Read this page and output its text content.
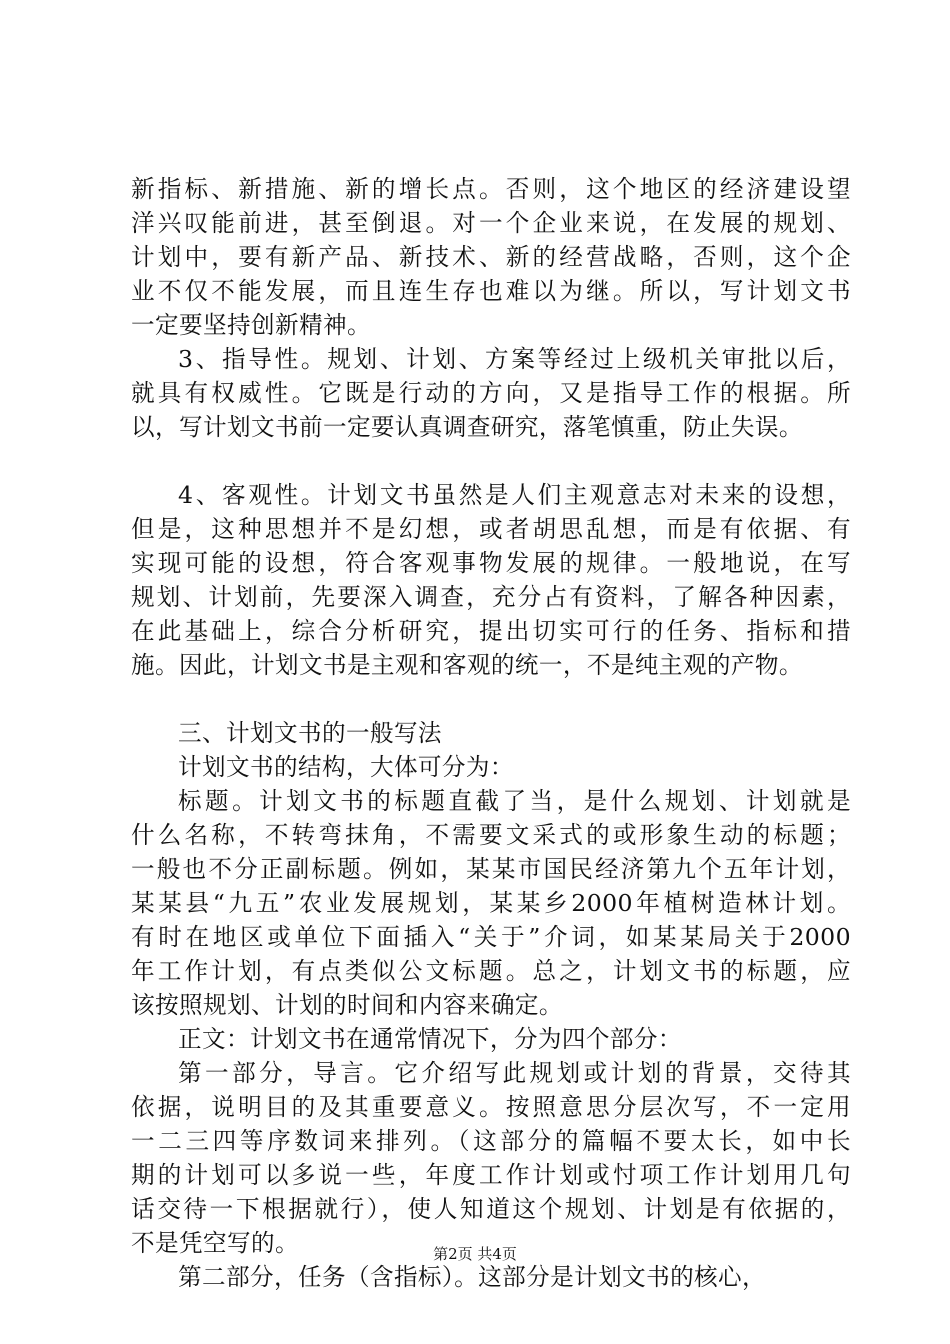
新指标、新措施、新的增长点。否则，这个地区的经济建设望
洋兴叹能前进，甚至倒退。对一个企业来说，在发展的规划、
计划中，要有新产品、新技术、新的经营战略，否则，这个企
业不仅不能发展，而且连生存也难以为继。所以，写计划文书
一定要坚持创新精神。
3、指导性。规划、计划、方案等经过上级机关审批以后，
就具有权威性。它既是行动的方向，又是指导工作的根据。所
以，写计划文书前一定要认真调查研究，落笔慎重，防止失误。
4、客观性。计划文书虽然是人们主观意志对未来的设想，
但是，这种思想并不是幻想，或者胡思乱想，而是有依据、有
实现可能的设想，符合客观事物发展的规律。一般地说，在写
规划、计划前，先要深入调查，充分占有资料，了解各种因素，
在此基础上，综合分析研究，提出切实可行的任务、指标和措
施。因此，计划文书是主观和客观的统一，不是纯主观的产物。
三、计划文书的一般写法
计划文书的结构，大体可分为：
标题。计划文书的标题直截了当，是什么规划、计划就是
什么名称，不转弯抹角，不需要文采式的或形象生动的标题；
一般也不分正副标题。例如，某某市国民经济第九个五年计划，
某某县“九五”农业发展规划，某某乡2000年植树造林计划。
有时在地区或单位下面插入“关于”介词，如某某局关于2000
年工作计划，有点类似公文标题。总之，计划文书的标题，应
该按照规划、计划的时间和内容来确定。
正文：计划文书在通常情况下，分为四个部分：
第一部分，导言。它介绍写此规划或计划的背景，交待其
依据，说明目的及其重要意义。按照意思分层次写，不一定用
一二三四等序数词来排列。（这部分的篇幅不要太长，如中长
期的计划可以多说一些，年度工作计划或忖项工作计划用几句
话交待一下根据就行），使人知道这个规划、计划是有依据的，
不是凭空写的。
第二部分，任务（含指标）。这部分是计划文书的核心，
第2页 共4页
